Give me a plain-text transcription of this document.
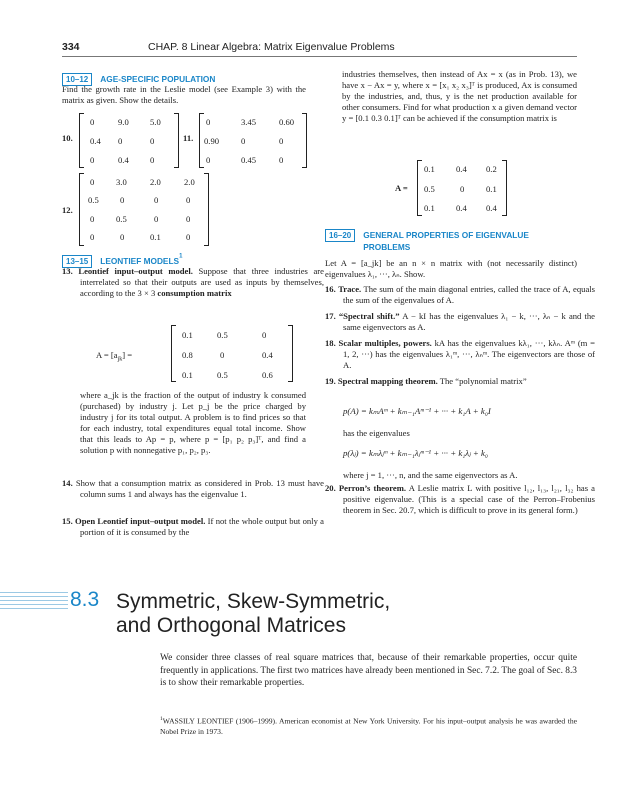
334	CHAP. 8 Linear Algebra: Matrix Eigenvalue Problems
10–12 AGE-SPECIFIC POPULATION
Find the growth rate in the Leslie model (see Example 3) with the matrix as given. Show the details.
10.
0	9.0 5.0
0.4 0	0
0	0.4 0
11.
0	3.45	0.60
0.90	0	0
0	0.45	0
12.
0	3.0	2.0	2.0
0.5 0	0	0
0	0.5	0	0
0	0	0.1	0
13–15 LEONTIEF MODELS$^1$
13. Leontief input–output model. Suppose that three industries are interrelated so that their outputs are used as inputs by themselves, according to the 3 × 3 consumption matrix
$A = [a_{jk}]$ =
0.1	0.5	0
0.8	0	0.4
0.1	0.5	0.6
where a_jk is the fraction of the output of industry k consumed (purchased) by industry j. Let p_j be the price charged by industry j for its total output. A problem is to find prices so that for each industry, total expenditures equal total income. Show that this leads to Ap = p, where p = [p₁ p₂ p₃]ᵀ, and find a solution p with nonnegative p₁, p₂, p₃.
14. Show that a consumption matrix as considered in Prob. 13 must have column sums 1 and always has the eigenvalue 1.
15. Open Leontief input–output model. If not the whole output but only a portion of it is consumed by the
industries themselves, then instead of Ax = x (as in Prob. 13), we have x − Ax = y, where x = [x₁ x₂ x₃]ᵀ is produced, Ax is consumed by the industries, and, thus, y is the net production available for other consumers. Find for what production x a given demand vector y = [0.1 0.3 0.1]ᵀ can be achieved if the consumption matrix is
A =
0.1 0.4 0.2
0.5	0	0.1
0.1 0.4 0.4
16–20 GENERAL PROPERTIES OF EIGENVALUE PROBLEMS
Let A = [a_jk] be an n × n matrix with (not necessarily distinct) eigenvalues λ₁, ···, λₙ. Show.
16. Trace. The sum of the main diagonal entries, called the trace of A, equals the sum of the eigenvalues of A.
17. “Spectral shift.” A − kI has the eigenvalues λ₁ − k, ···, λₙ − k and the same eigenvectors as A.
18. Scalar multiples, powers. kA has the eigenvalues kλ₁, ···, kλₙ. Aᵐ (m = 1, 2, ···) has the eigenvalues λ₁ᵐ, ···, λₙᵐ. The eigenvectors are those of A.
19. Spectral mapping theorem. The “polynomial matrix”
p(A) = kₘAᵐ + kₘ₋₁Aᵐ⁻¹ + ··· + k₁A + k₀I
has the eigenvalues
p(λⱼ) = kₘλⱼᵐ + kₘ₋₁λⱼᵐ⁻¹ + ··· + k₁λⱼ + k₀
where j = 1, ···, n, and the same eigenvectors as A.
20. Perron’s theorem. A Leslie matrix L with positive l₁₂, l₁₃, l₂₁, l₃₂ has a positive eigenvalue. (This is a special case of the Perron–Frobenius theorem in Sec. 20.7, which is difficult to prove in its general form.)
8.3 Symmetric, Skew-Symmetric,
and Orthogonal Matrices
We consider three classes of real square matrices that, because of their remarkable properties, occur quite frequently in applications. The first two matrices have already been mentioned in Sec. 7.2. The goal of Sec. 8.3 is to show their remarkable properties.
$^1$WASSILY LEONTIEF (1906–1999). American economist at New York University. For his input–output analysis he was awarded the Nobel Prize in 1973.
